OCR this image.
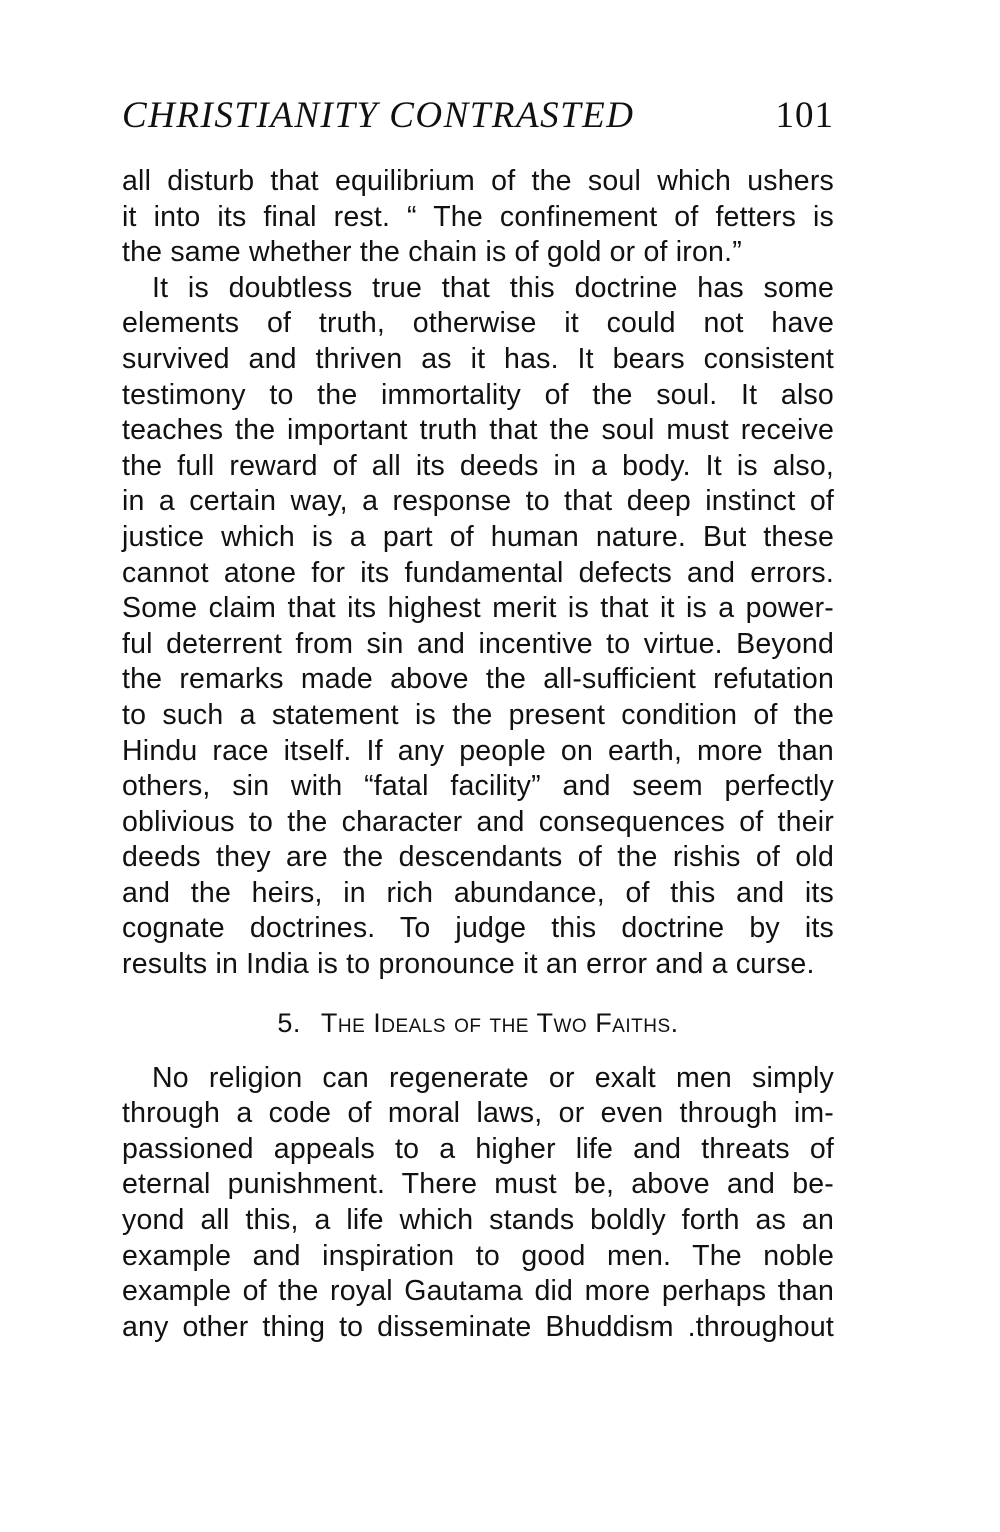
CHRISTIANITY CONTRASTED	101

all disturb that equilibrium of the soul which ushers
it into its final rest. “ The confinement of fetters is
the same whether the chain is of gold or of iron.”

It is doubtless true that this doctrine has some
elements of truth, otherwise it could not have
survived and thriven as it has. It bears consistent
testimony to the immortality of the soul. It also
teaches the important truth that the soul must receive
the full reward of all its deeds in a body. It is also,
in a certain way, a response to that deep instinct of
justice which is a part of human nature. But these
cannot atone for its fundamental defects and errors.
Some claim that its highest merit is that it is a power-
ful deterrent from sin and incentive to virtue. Beyond
the remarks made above the all-sufficient refutation
to such a statement is the present condition of the
Hindu race itself. If any people on earth, more than
others, sin with “fatal facility” and seem perfectly
oblivious to the character and consequences of their
deeds they are the descendants of the rishis of old
and the heirs, in rich abundance, of this and its
cognate doctrines. To judge this doctrine by its
results in India is to pronounce it an error and a curse.

5. The Ideals of the Two Faiths.

No religion can regenerate or exalt men simply
through a code of moral laws, or even through im-
passioned appeals to a higher life and threats of
eternal punishment. There must be, above and be-
yond all this, a life which stands boldly forth as an
example and inspiration to good men. The noble
example of the royal Gautama did more perhaps than
any other thing to disseminate Bhuddism .throughout
